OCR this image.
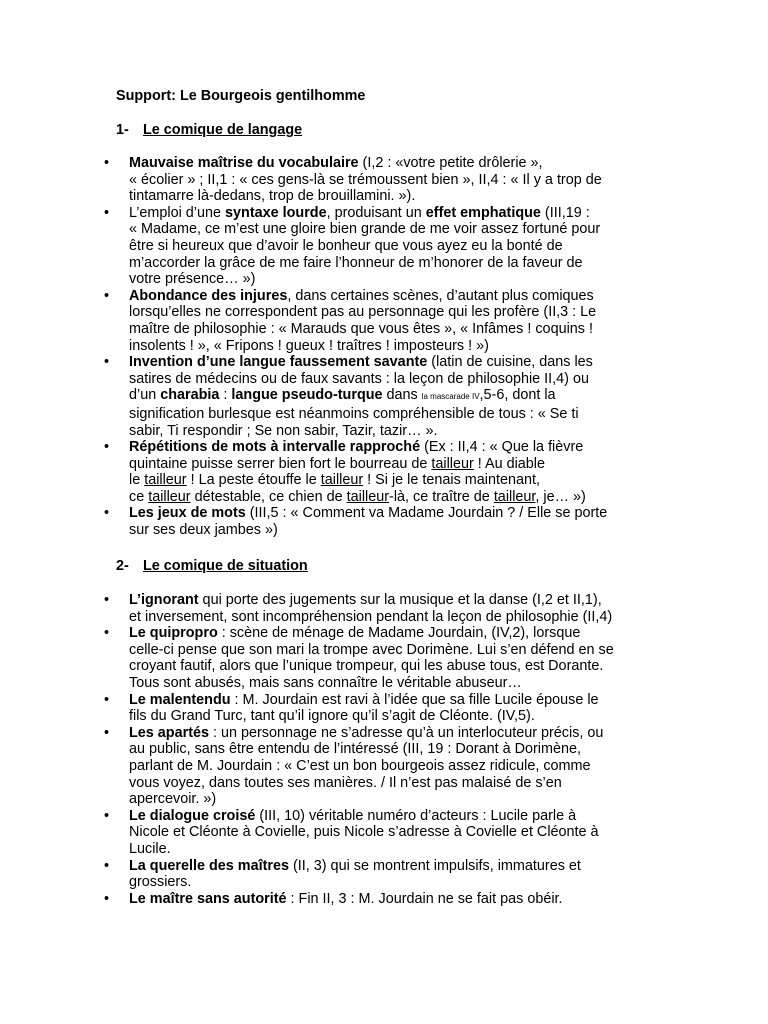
Support: Le Bourgeois gentilhomme
1- Le comique de langage
• Mauvaise maîtrise du vocabulaire (I,2 : «votre petite drôlerie »,
« écolier » ; II,1 : « ces gens-là se trémoussent bien », II,4 : « Il y a trop de
tintamarre là-dedans, trop de brouillamini. »).
• L’emploi d’une syntaxe lourde, produisant un effet emphatique (III,19 :
« Madame, ce m’est une gloire bien grande de me voir assez fortuné pour
être si heureux que d’avoir le bonheur que vous ayez eu la bonté de
m’accorder la grâce de me faire l’honneur de m’honorer de la faveur de
votre présence… »)
• Abondance des injures, dans certaines scènes, d’autant plus comiques
lorsqu’elles ne correspondent pas au personnage qui les profère (II,3 : Le
maître de philosophie : « Marauds que vous êtes », « Infâmes ! coquins !
insolents ! », « Fripons ! gueux ! traîtres ! imposteurs ! »)
• Invention d’une langue faussement savante (latin de cuisine, dans les
satires de médecins ou de faux savants : la leçon de philosophie II,4) ou
d’un charabia : langue pseudo-turque dans la mascarade IV,5-6, dont la
signification burlesque est néanmoins compréhensible de tous : « Se ti
sabir, Ti respondir ; Se non sabir, Tazir, tazir… ».
• Répétitions de mots à intervalle rapproché (Ex : II,4 : « Que la fièvre
quintaine puisse serrer bien fort le bourreau de tailleur ! Au diable
le tailleur ! La peste étouffe le tailleur ! Si je le tenais maintenant,
ce tailleur détestable, ce chien de tailleur-là, ce traître de tailleur, je… »)
• Les jeux de mots (III,5 : « Comment va Madame Jourdain ? / Elle se porte
sur ses deux jambes »)
2- Le comique de situation
• L’ignorant qui porte des jugements sur la musique et la danse (I,2 et II,1),
et inversement, sont incompréhension pendant la leçon de philosophie (II,4)
• Le quipropro : scène de ménage de Madame Jourdain, (IV,2), lorsque
celle-ci pense que son mari la trompe avec Dorimène. Lui s’en défend en se
croyant fautif, alors que l’unique trompeur, qui les abuse tous, est Dorante.
Tous sont abusés, mais sans connaître le véritable abuseur…
• Le malentendu : M. Jourdain est ravi à l’idée que sa fille Lucile épouse le
fils du Grand Turc, tant qu’il ignore qu’il s’agit de Cléonte. (IV,5).
• Les apartés : un personnage ne s’adresse qu’à un interlocuteur précis, ou
au public, sans être entendu de l’intéressé (III, 19 : Dorant à Dorimène,
parlant de M. Jourdain : « C’est un bon bourgeois assez ridicule, comme
vous voyez, dans toutes ses manières. / Il n’est pas malaisé de s’en
apercevoir. »)
• Le dialogue croisé (III, 10) véritable numéro d’acteurs : Lucile parle à
Nicole et Cléonte à Covielle, puis Nicole s’adresse à Covielle et Cléonte à
Lucile.
• La querelle des maîtres (II, 3) qui se montrent impulsifs, immatures et
grossiers.
• Le maître sans autorité : Fin II, 3 : M. Jourdain ne se fait pas obéir.
